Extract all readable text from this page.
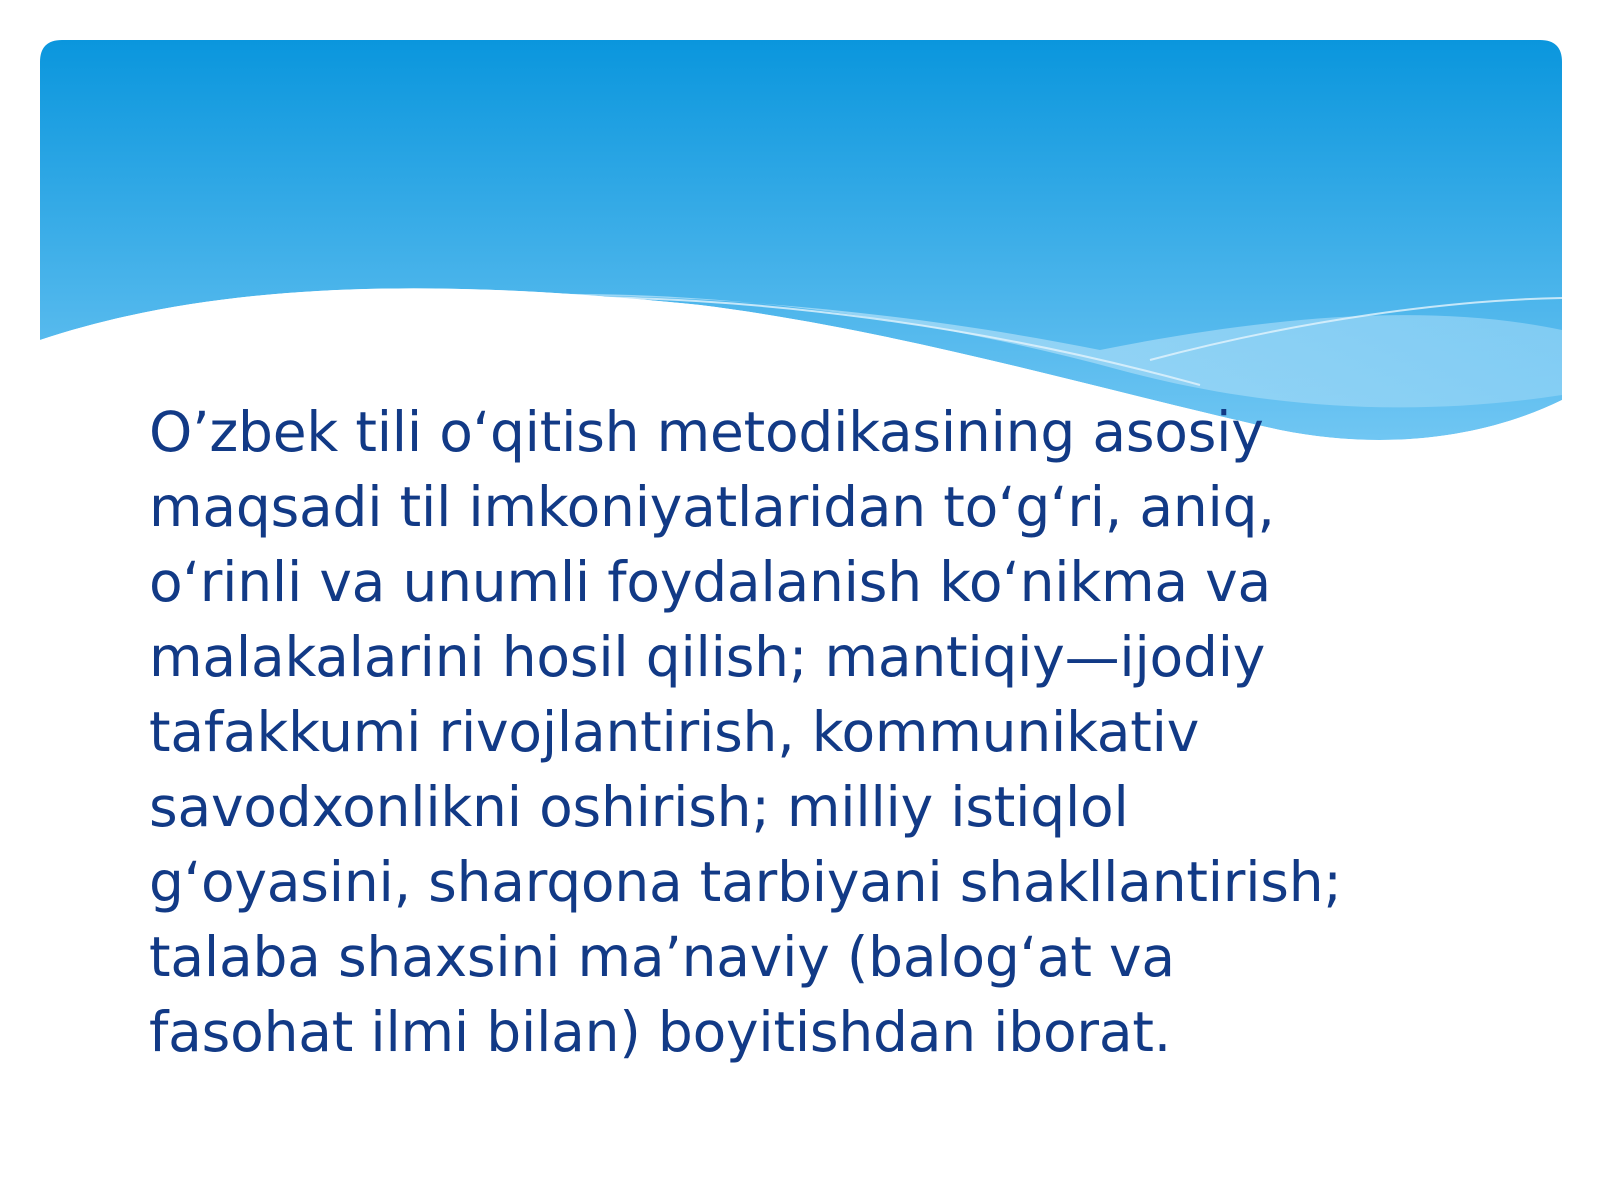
O’zbek tili o‘qitish metodikasining asosiy
maqsadi til imkoniyatlaridan to‘g‘ri, aniq,
o‘rinli va unumli foydalanish ko‘nikma va
malakalarini hosil qilish; mantiqiy—ijodiy
tafakkumi rivojlantirish, kommunikativ
savodxonlikni oshirish; milliy istiqlol
g‘oyasini, sharqona tarbiyani shakllantirish;
talaba shaxsini ma’naviy (balog‘at va
fasohat ilmi bilan) boyitishdan iborat.
